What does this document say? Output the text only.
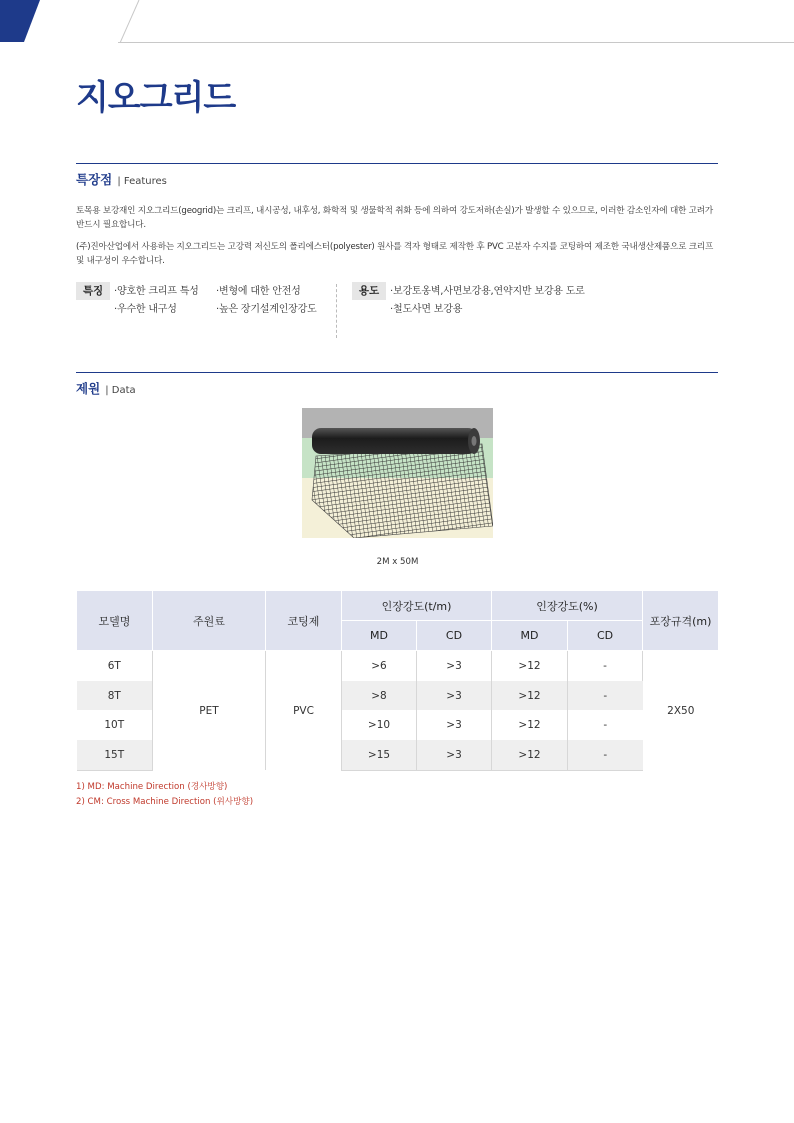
지오그리드
특장점 | Features

토목용 보강재인 지오그리드(geogrid)는 크리프, 내시공성, 내후성, 화학적 및 생물학적 취화 등에 의하여 강도저하(손실)가 발생할 수 있으므로, 이러한 감소인자에 대한 고려가 반드시 필요합니다.

(주)진아산업에서 사용하는 지오그리드는 고강력 저신도의 폴리에스터(polyester) 원사를 격자 형태로 제작한 후 PVC 고분자 수지를 코팅하여 제조한 국내생산제품으로 크리프 및 내구성이 우수합니다.

특징	·양호한 크리프 특성 ·변형에 대한 안전성
·우수한 내구성	·높은 장기설계인장강도
용도	·보강토옹벽,사면보강용,연약지반 보강용 도로
·철도사면 보강용
제원 | Data
2M x 50M
모델명	주원료	코팅제	인장강도(t/m)		인장강도(%)		포장규격(m)
			MD	CD	MD	CD	
6T	PET	PVC	>6	>3	>12	-	2X50
8T			>8	>3	>12	-	
10T			>10	>3	>12	-	
15T			>15	>3	>12	-	
1) MD: Machine Direction (경사방향)
2) CM: Cross Machine Direction (위사방향)
